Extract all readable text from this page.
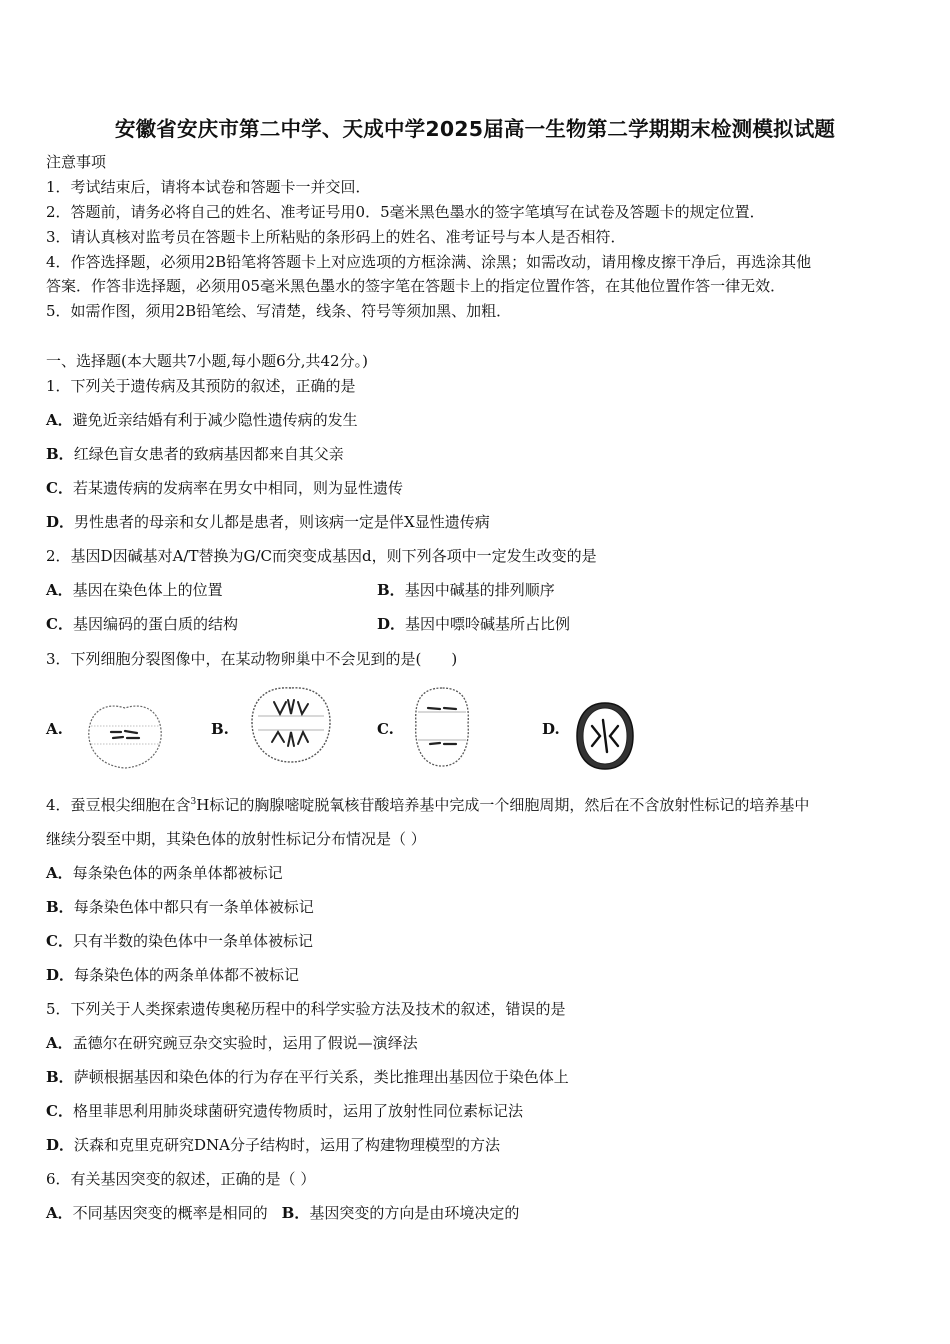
安徽省安庆市第二中学、天成中学2025届高一生物第二学期期末检测模拟试题
注意事项
1．考试结束后，请将本试卷和答题卡一并交回．
2．答题前，请务必将自己的姓名、准考证号用0．5毫米黑色墨水的签字笔填写在试卷及答题卡的规定位置．
3．请认真核对监考员在答题卡上所粘贴的条形码上的姓名、准考证号与本人是否相符．
4．作答选择题，必须用2B铅笔将答题卡上对应选项的方框涂满、涂黑；如需改动，请用橡皮擦干净后，再选涂其他
答案．作答非选择题，必须用05毫米黑色墨水的签字笔在答题卡上的指定位置作答，在其他位置作答一律无效．
5．如需作图，须用2B铅笔绘、写清楚，线条、符号等须加黑、加粗．
一、选择题(本大题共7小题,每小题6分,共42分。)
1．下列关于遗传病及其预防的叙述，正确的是
A．避免近亲结婚有利于减少隐性遗传病的发生
B．红绿色盲女患者的致病基因都来自其父亲
C．若某遗传病的发病率在男女中相同，则为显性遗传
D．男性患者的母亲和女儿都是患者，则该病一定是伴X显性遗传病
2．基因D因碱基对A/T替换为G/C而突变成基因d，则下列各项中一定发生改变的是
A．基因在染色体上的位置	B．基因中碱基的排列顺序
C．基因编码的蛋白质的结构	D．基因中嘌呤碱基所占比例
3．下列细胞分裂图像中，在某动物卵巢中不会见到的是(　　)
A.	B.	C.	D.
4．蚕豆根尖细胞在含$^3$H标记的胸腺嘧啶脱氧核苷酸培养基中完成一个细胞周期，然后在不含放射性标记的培养基中
继续分裂至中期，其染色体的放射性标记分布情况是（ ）
A．每条染色体的两条单体都被标记
B．每条染色体中都只有一条单体被标记
C．只有半数的染色体中一条单体被标记
D．每条染色体的两条单体都不被标记
5．下列关于人类探索遗传奥秘历程中的科学实验方法及技术的叙述，错误的是
A．孟德尔在研究豌豆杂交实验时，运用了假说—演绎法
B．萨顿根据基因和染色体的行为存在平行关系，类比推理出基因位于染色体上
C．格里菲思利用肺炎球菌研究遗传物质时，运用了放射性同位素标记法
D．沃森和克里克研究DNA分子结构时，运用了构建物理模型的方法
6．有关基因突变的叙述，正确的是（ ）
A．不同基因突变的概率是相同的 B．基因突变的方向是由环境决定的
